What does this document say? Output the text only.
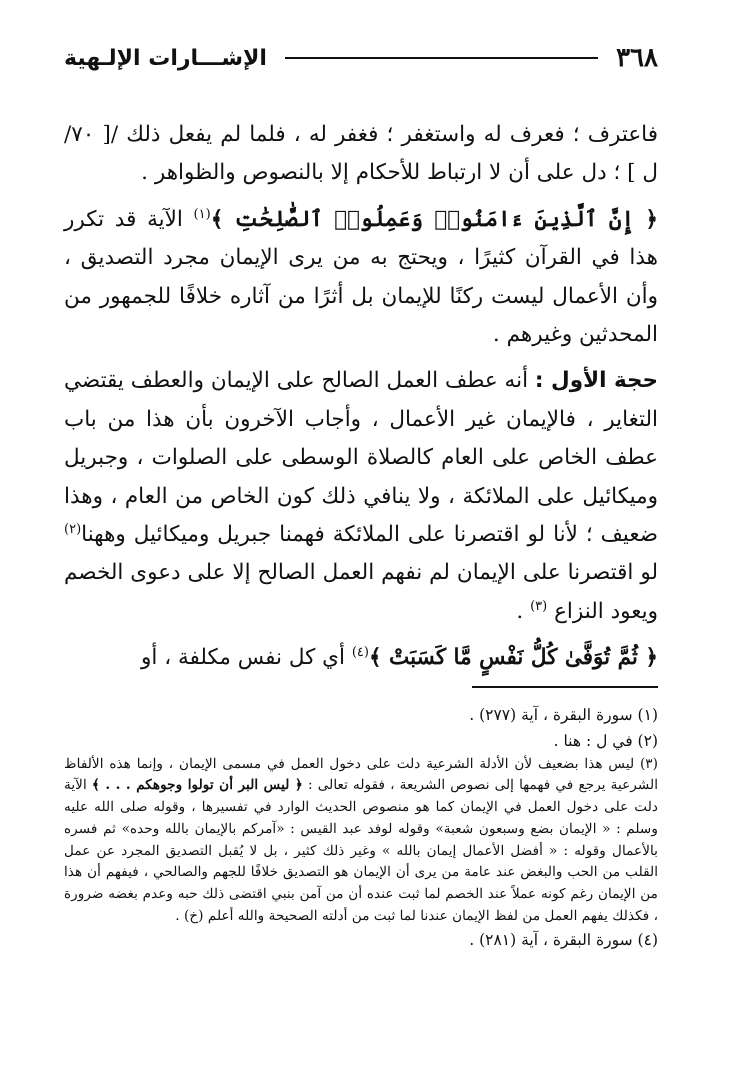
٣٦٨
الإشـــارات الإلـهية

فاعترف ؛ فعرف له واستغفر ؛ فغفر له ، فلما لم يفعل ذلك /[ ٧٠/ ل ] ؛ دل على أن لا ارتباط للأحكام إلا بالنصوص والظواهر .

﴿ إِنَّ ٱلَّذِينَ ءَامَنُوا۟ وَعَمِلُوا۟ ٱلصَّٰلِحَٰتِ ﴾$^{(١)}$ الآية قد تكرر هذا في القرآن كثيرًا ، ويحتج به من يرى الإيمان مجرد التصديق ، وأن الأعمال ليست ركنًا للإيمان بل أثرًا من آثاره خلافًا للجمهور من المحدثين وغيرهم .

حجة الأول : أنه عطف العمل الصالح على الإيمان والعطف يقتضي التغاير ، فالإيمان غير الأعمال ، وأجاب الآخرون بأن هذا من باب عطف الخاص على العام كالصلاة الوسطى على الصلوات ، وجبريل وميكائيل على الملائكة ، ولا ينافي ذلك كون الخاص من العام ، وهذا ضعيف ؛ لأنا لو اقتصرنا على الملائكة فهمنا جبريل وميكائيل وههنا$^{(٢)}$ لو اقتصرنا على الإيمان لم نفهم العمل الصالح إلا على دعوى الخصم ويعود النزاع $^{(٣)}$ .

﴿ ثُمَّ تُوَفَّىٰ كُلُّ نَفْسٍ مَّا كَسَبَتْ ﴾$^{(٤)}$ أي كل نفس مكلفة ، أو

(١) سورة البقرة ، آية (٢٧٧) .
(٢) في ل : هنا .
(٣) ليس هذا بضعيف لأن الأدلة الشرعية دلت على دخول العمل في مسمى الإيمان ، وإنما هذه الألفاظ الشرعية يرجع في فهمها إلى نصوص الشريعة ، فقوله تعالى : ﴿ ليس البر أن تولوا وجوهكم . . . ﴾ الآية دلت على دخول العمل في الإيمان كما هو منصوص الحديث الوارد في تفسيرها ، وقوله صلى الله عليه وسلم : « الإيمان بضع وسبعون شعبة» وقوله لوفد عبد القيس : «آمركم بالإيمان بالله وحده» ثم فسره بالأعمال وقوله : « أفضل الأعمال إيمان بالله » وغير ذلك كثير ، بل لا يُقبل التصديق المجرد عن عمل القلب من الحب والبغض عند عامة من يرى أن الإيمان هو التصديق خلافًا للجهم والصالحي ، فيفهم أن هذا من الإيمان رغم كونه عملاً عند الخصم لما ثبت عنده أن من آمن بنبي اقتضى ذلك حبه وعدم بغضه ضرورة ، فكذلك يفهم العمل من لفظ الإيمان عندنا لما ثبت من أدلته الصحيحة والله أعلم (خ) .
(٤) سورة البقرة ، آية (٢٨١) .
